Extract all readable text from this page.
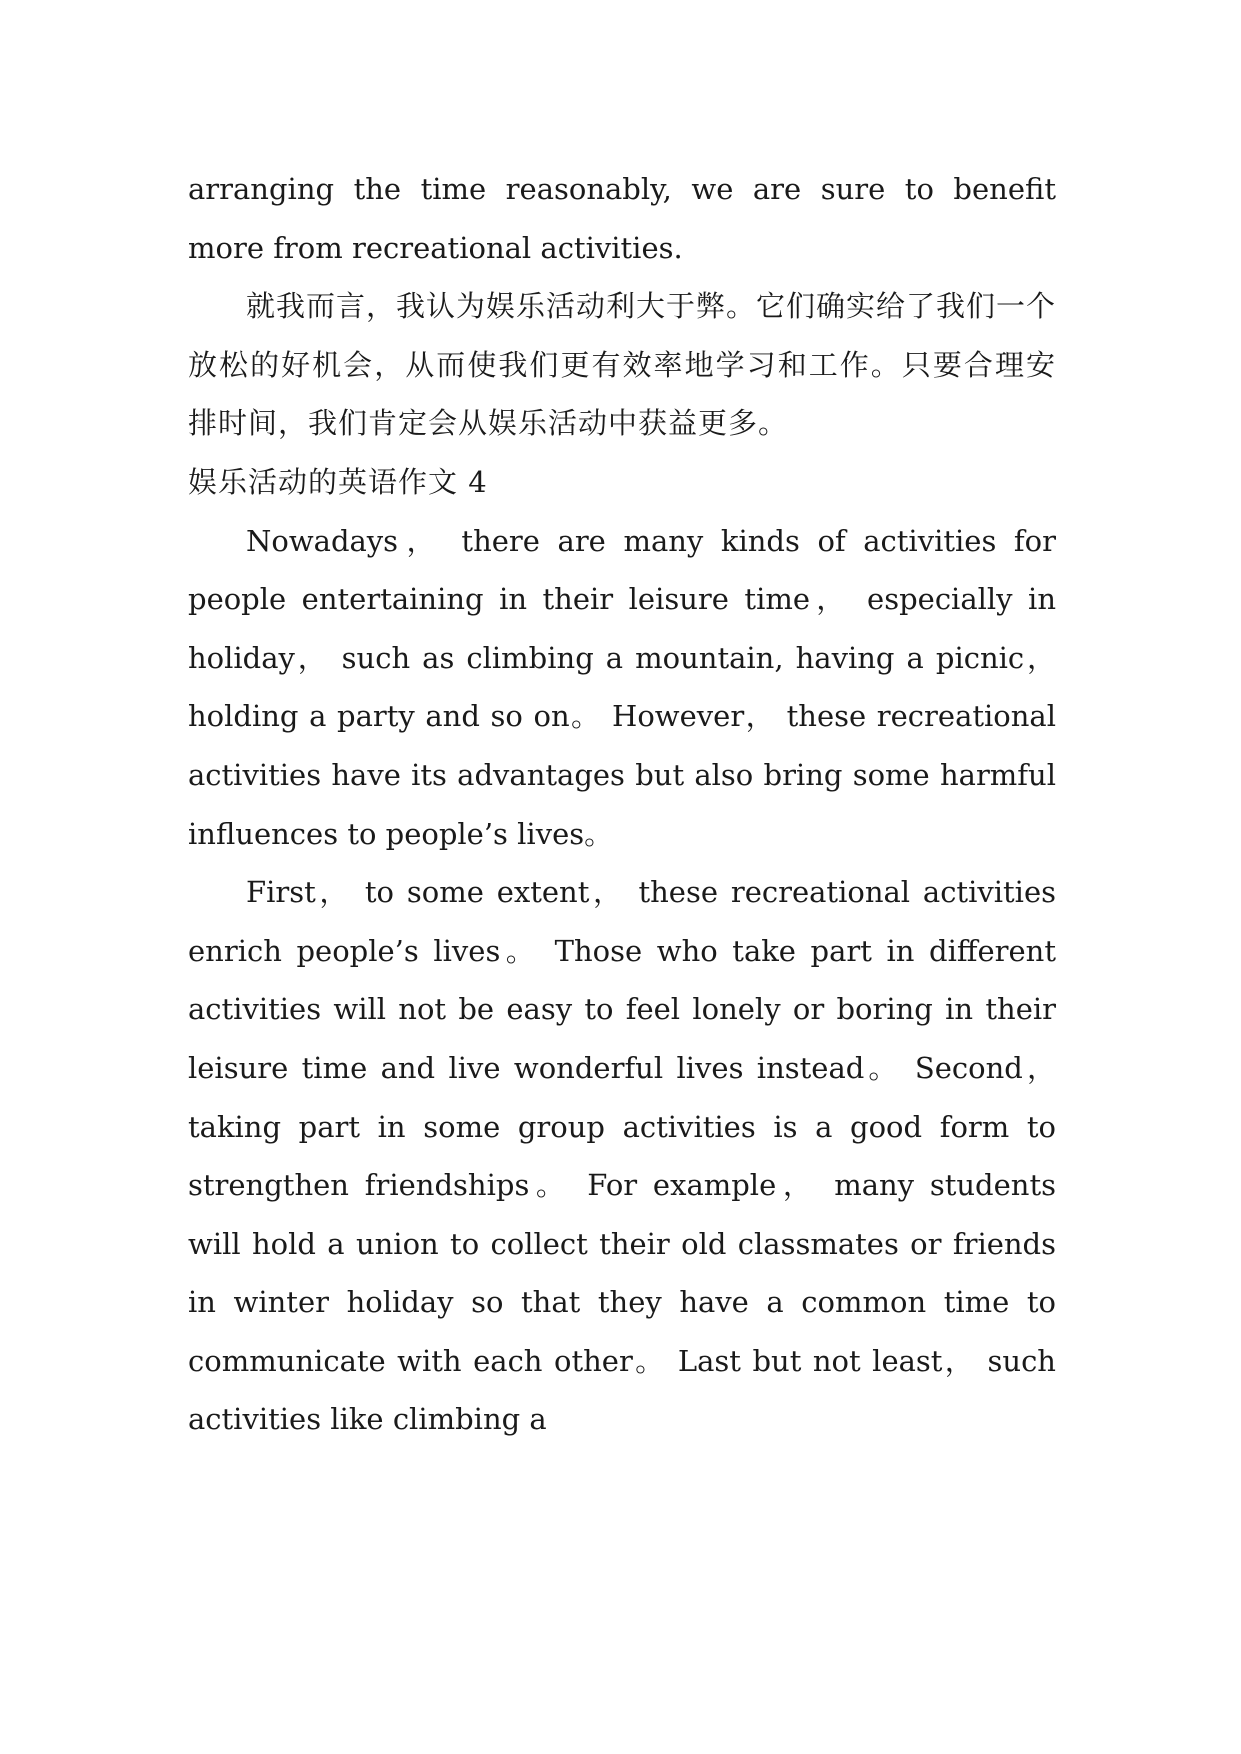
arranging the time reasonably, we are sure to benefit more from recreational activities.

就我而言，我认为娱乐活动利大于弊。它们确实给了我们一个放松的好机会，从而使我们更有效率地学习和工作。只要合理安排时间，我们肯定会从娱乐活动中获益更多。

娱乐活动的英语作文 4

Nowadays， there are many kinds of activities for people entertaining in their leisure time， especially in holiday， such as climbing a mountain, having a picnic， holding a party and so on。 However， these recreational activities have its advantages but also bring some harmful influences to people’s lives。

First， to some extent， these recreational activities enrich people’s lives。 Those who take part in different activities will not be easy to feel lonely or boring in their leisure time and live wonderful lives instead。 Second， taking part in some group activities is a good form to strengthen friendships。 For example， many students will hold a union to collect their old classmates or friends in winter holiday so that they have a common time to communicate with each other。 Last but not least， such activities like climbing a
